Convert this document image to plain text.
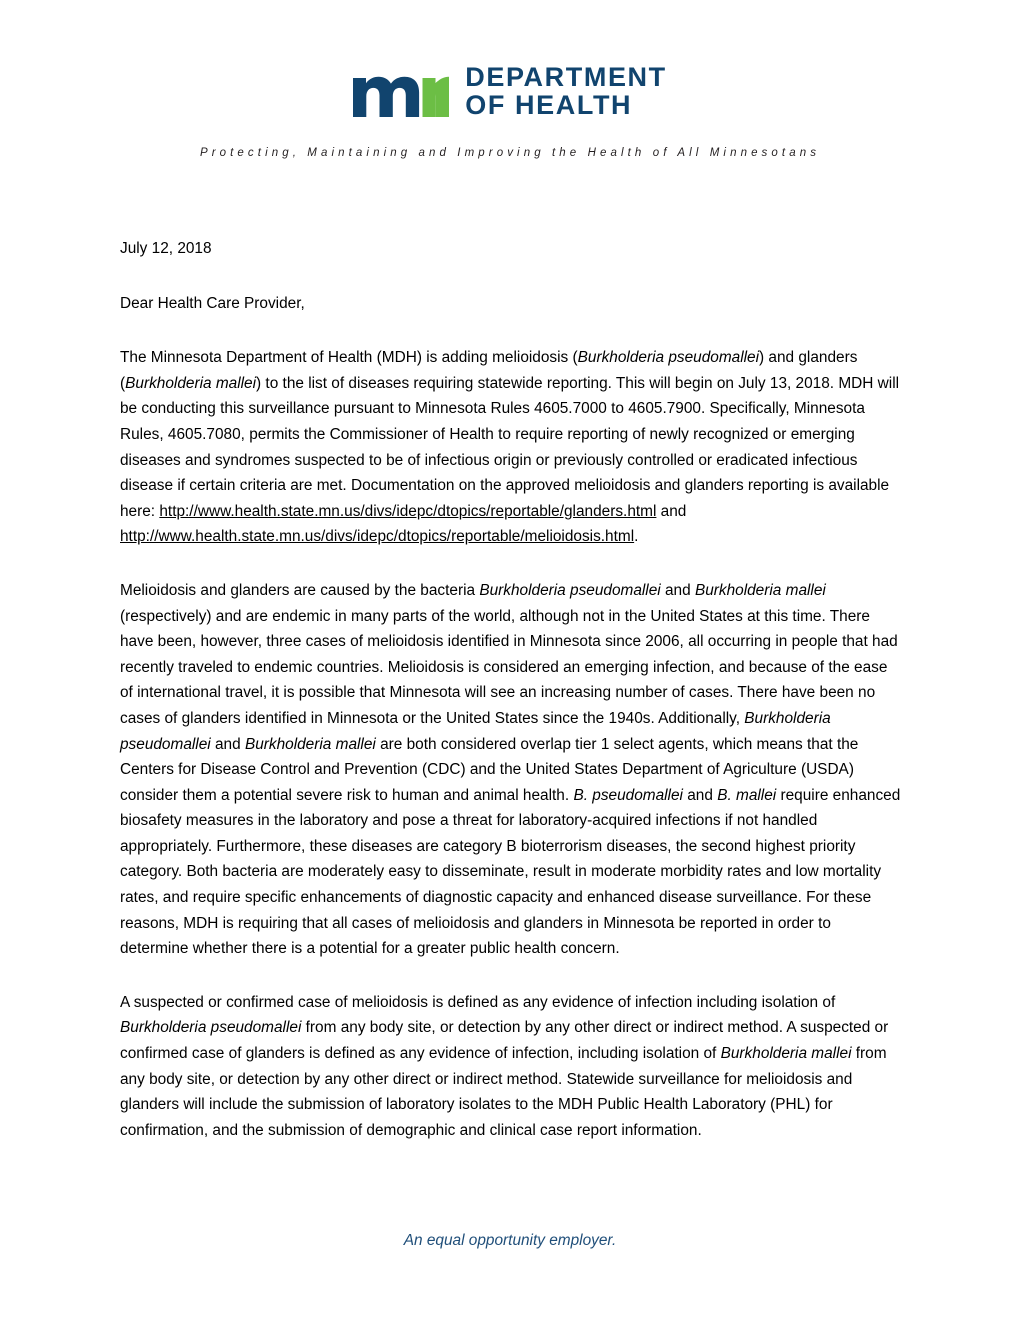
DEPARTMENT
OF HEALTH
Protecting, Maintaining and Improving the Health of All Minnesotans

July 12, 2018

Dear Health Care Provider,

The Minnesota Department of Health (MDH) is adding melioidosis (Burkholderia pseudomallei) and glanders (Burkholderia mallei) to the list of diseases requiring statewide reporting. This will begin on July 13, 2018. MDH will be conducting this surveillance pursuant to Minnesota Rules 4605.7000 to 4605.7900. Specifically, Minnesota Rules, 4605.7080, permits the Commissioner of Health to require reporting of newly recognized or emerging diseases and syndromes suspected to be of infectious origin or previously controlled or eradicated infectious disease if certain criteria are met. Documentation on the approved melioidosis and glanders reporting is available here: http://www.health.state.mn.us/divs/idepc/dtopics/reportable/glanders.html and http://www.health.state.mn.us/divs/idepc/dtopics/reportable/melioidosis.html.

Melioidosis and glanders are caused by the bacteria Burkholderia pseudomallei and Burkholderia mallei (respectively) and are endemic in many parts of the world, although not in the United States at this time. There have been, however, three cases of melioidosis identified in Minnesota since 2006, all occurring in people that had recently traveled to endemic countries. Melioidosis is considered an emerging infection, and because of the ease of international travel, it is possible that Minnesota will see an increasing number of cases. There have been no cases of glanders identified in Minnesota or the United States since the 1940s. Additionally, Burkholderia pseudomallei and Burkholderia mallei are both considered overlap tier 1 select agents, which means that the Centers for Disease Control and Prevention (CDC) and the United States Department of Agriculture (USDA) consider them a potential severe risk to human and animal health. B. pseudomallei and B. mallei require enhanced biosafety measures in the laboratory and pose a threat for laboratory-acquired infections if not handled appropriately. Furthermore, these diseases are category B bioterrorism diseases, the second highest priority category. Both bacteria are moderately easy to disseminate, result in moderate morbidity rates and low mortality rates, and require specific enhancements of diagnostic capacity and enhanced disease surveillance. For these reasons, MDH is requiring that all cases of melioidosis and glanders in Minnesota be reported in order to determine whether there is a potential for a greater public health concern.

A suspected or confirmed case of melioidosis is defined as any evidence of infection including isolation of Burkholderia pseudomallei from any body site, or detection by any other direct or indirect method. A suspected or confirmed case of glanders is defined as any evidence of infection, including isolation of Burkholderia mallei from any body site, or detection by any other direct or indirect method. Statewide surveillance for melioidosis and glanders will include the submission of laboratory isolates to the MDH Public Health Laboratory (PHL) for confirmation, and the submission of demographic and clinical case report information.

An equal opportunity employer.
